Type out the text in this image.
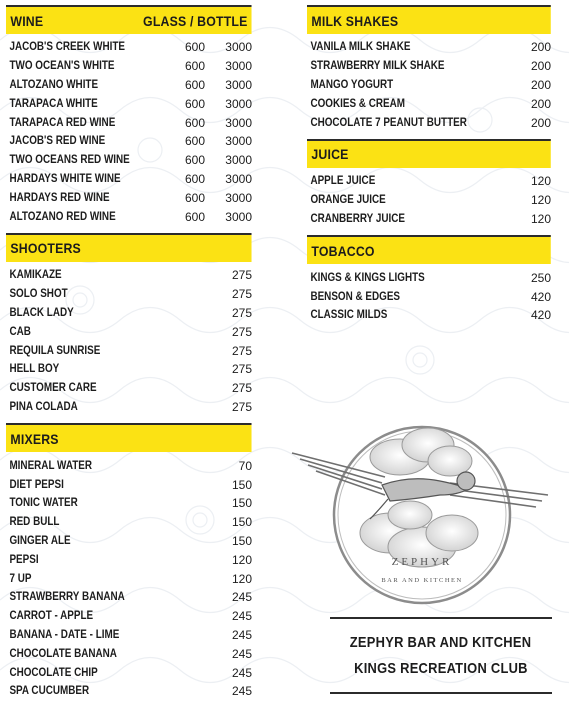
WINE	GLASS / BOTTLE
JACOB'S CREEK WHITE	600	3000
TWO OCEAN'S WHITE	600	3000
ALTOZANO WHITE	600	3000
TARAPACA WHITE	600	3000
TARAPACA RED WINE	600	3000
JACOB'S RED WINE	600	3000
TWO OCEANS RED WINE	600	3000
HARDAYS WHITE WINE	600	3000
HARDAYS RED WINE	600	3000
ALTOZANO RED WINE	600	3000
SHOOTERS
KAMIKAZE	275
SOLO SHOT	275
BLACK LADY	275
CAB	275
REQUILA SUNRISE	275
HELL BOY	275
CUSTOMER CARE	275
PINA COLADA	275
MIXERS
MINERAL WATER	70
DIET PEPSI	150
TONIC WATER	150
RED BULL	150
GINGER ALE	150
PEPSI	120
7 UP	120
STRAWBERRY BANANA	245
CARROT - APPLE	245
BANANA - DATE - LIME	245
CHOCOLATE BANANA	245
CHOCOLATE CHIP	245
SPA CUCUMBER	245
MILK SHAKES
VANILA MILK SHAKE	200
STRAWBERRY MILK SHAKE	200
MANGO YOGURT	200
COOKIES & CREAM	200
CHOCOLATE 7 PEANUT BUTTER	200
JUICE
APPLE JUICE	120
ORANGE JUICE	120
CRANBERRY JUICE	120
TOBACCO
KINGS & KINGS LIGHTS	250
BENSON & EDGES	420
CLASSIC MILDS	420
ZEPHYR
BAR AND KITCHEN
ZEPHYR BAR AND KITCHEN
KINGS RECREATION CLUB
